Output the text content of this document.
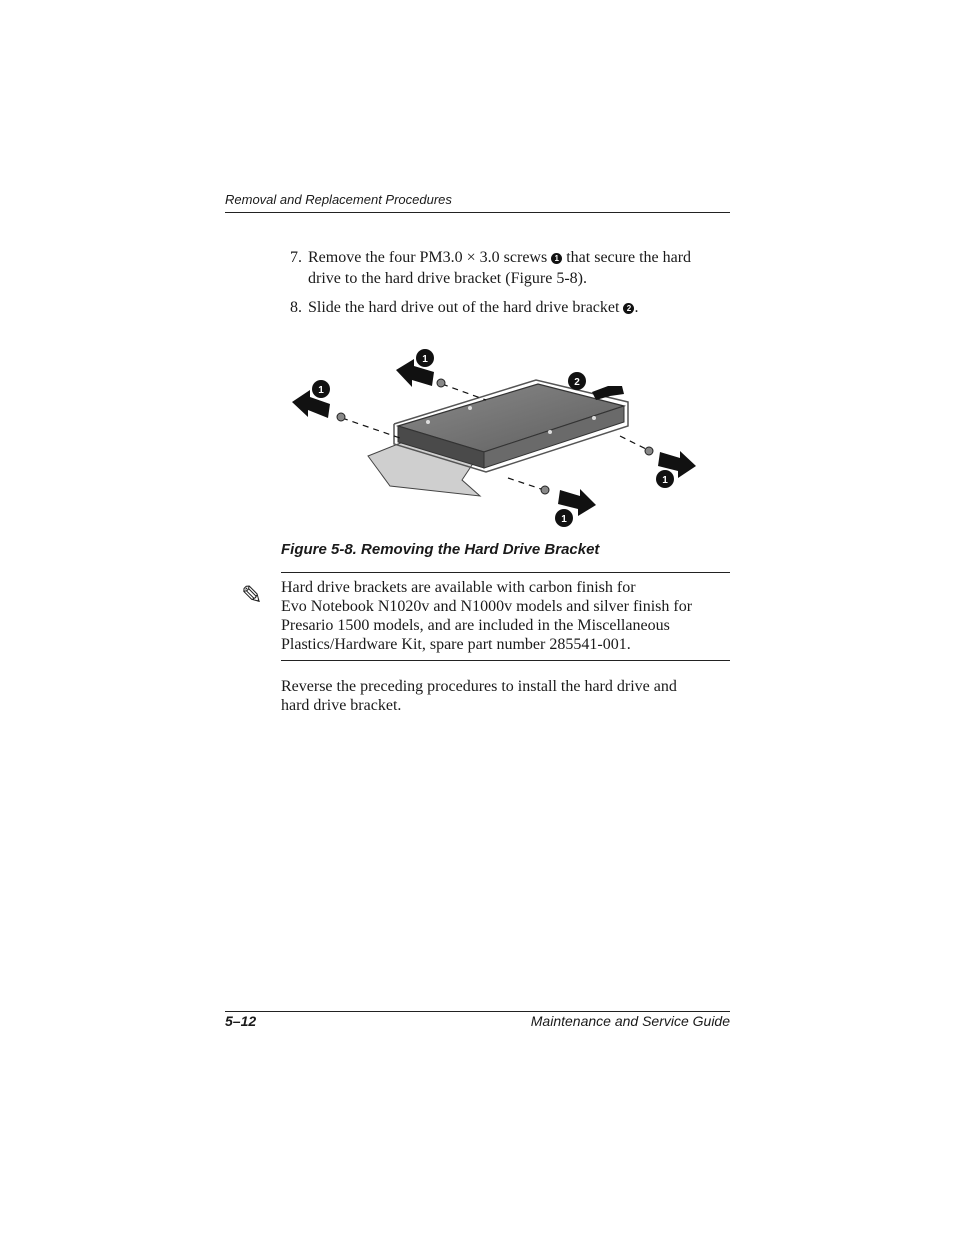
Removal and Replacement Procedures
7. Remove the four PM3.0 × 3.0 screws 1 that secure the hard
drive to the hard drive bracket (Figure 5-8).
8. Slide the hard drive out of the hard drive bracket 2 .
1
1
2
1
1
Figure 5-8. Removing the Hard Drive Bracket
✎ Hard drive brackets are available with carbon finish for
Evo Notebook N1020v and N1000v models and silver finish for
Presario 1500 models, and are included in the Miscellaneous
Plastics/Hardware Kit, spare part number 285541-001.
Reverse the preceding procedures to install the hard drive and
hard drive bracket.
5–12	Maintenance and Service Guide
